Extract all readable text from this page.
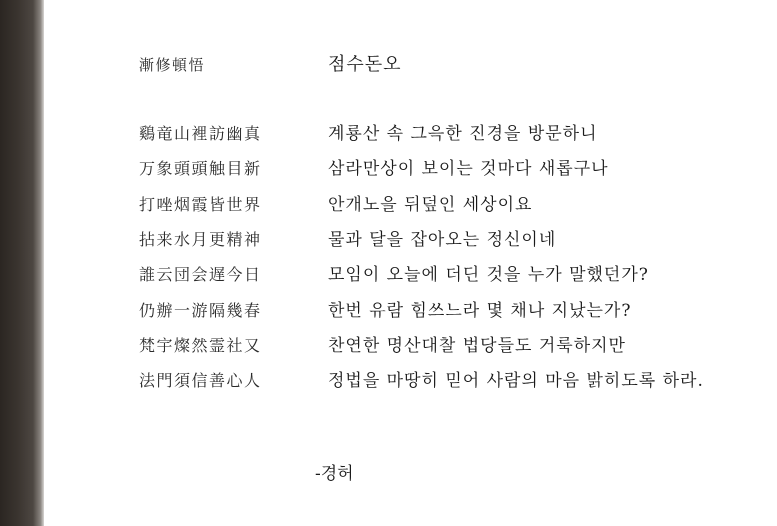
漸修頓悟	점수돈오
鷄竜山裡訪幽真	계룡산 속 그윽한 진경을 방문하니
万象頭頭触目新	삼라만상이 보이는 것마다 새롭구나
打唑烟霞皆世界	안개노을 뒤덮인 세상이요
拈来水月更精神	물과 달을 잡아오는 정신이네
誰云団会遅今日	모임이 오늘에 더딘 것을 누가 말했던가?
仍辦一游隔幾春	한번 유람 힘쓰느라 몇 채나 지났는가?
梵宇燦然霊社又	찬연한 명산대찰 법당들도 거룩하지만
法門須信善心人	정법을 마땅히 믿어 사람의 마음 밝히도록 하라.
-경허
